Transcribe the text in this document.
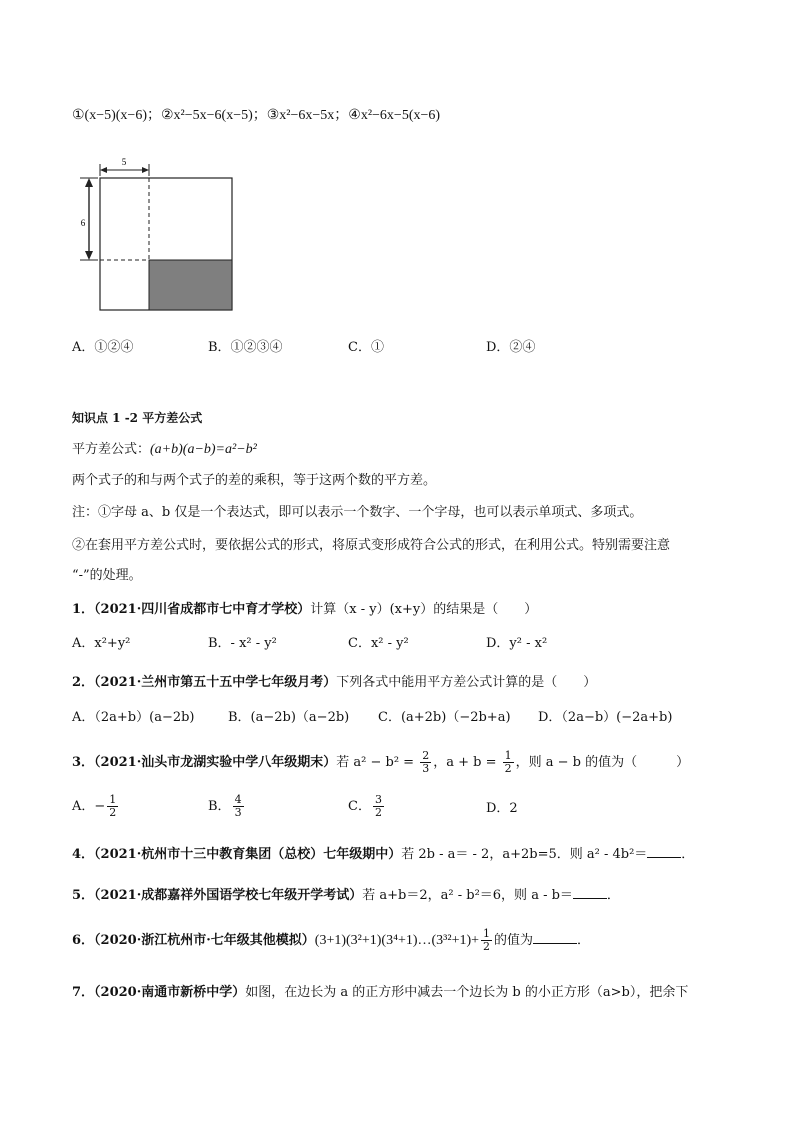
①(x−5)(x−6)；②x²−5x−6(x−5)；③x²−6x−5x；④x²−6x−5(x−6)
5
6
A．①②④	B．①②③④	C．①	D．②④
知识点 1 -2 平方差公式
平方差公式：(a+b)(a−b)=a²−b²
两个式子的和与两个式子的差的乘积，等于这两个数的平方差。
注：①字母 a、b 仅是一个表达式，即可以表示一个数字、一个字母，也可以表示单项式、多项式。
②在套用平方差公式时，要依据公式的形式，将原式变形成符合公式的形式，在利用公式。特别需要注意
“-”的处理。
1．（2021·四川省成都市七中育才学校）计算（x - y）(x+y）的结果是（　　）
A．x²+y²	B．- x² - y²	C．x² - y²	D．y² - x²
2．（2021·兰州市第五十五中学七年级月考）下列各式中能用平方差公式计算的是（　　）
A．（2a+b）(a−2b)	B．(a−2b)（a−2b) C．(a+2b)（−2b+a) D．（2a−b）(−2a+b)
3．（2021·汕头市龙湖实验中学八年级期末）若 $a^2 - b^2 = \frac{2}{3}$ ，$a + b = \frac{1}{2}$ ，则 a − b 的值为（　　　）
A．− $\frac{1}{2}$	B． $\frac{4}{3}$	C． $\frac{3}{2}$	D．2
4．（2021·杭州市十三中教育集团（总校）七年级期中）若 2b - a＝ - 2，a+2b=5．则 a² - 4b²＝	．
5．（2021·成都嘉祥外国语学校七年级开学考试）若 a+b＝2，a² - b²＝6，则 a - b＝	．
6．（2020·浙江杭州市·七年级其他模拟）(3+1)(3²+1)(3⁴+1)…(3³²+1)+ $\frac{1}{2}$ 的值为	．
7．（2020·南通市新桥中学）如图，在边长为 a 的正方形中减去一个边长为 b 的小正方形（a>b），把余下
